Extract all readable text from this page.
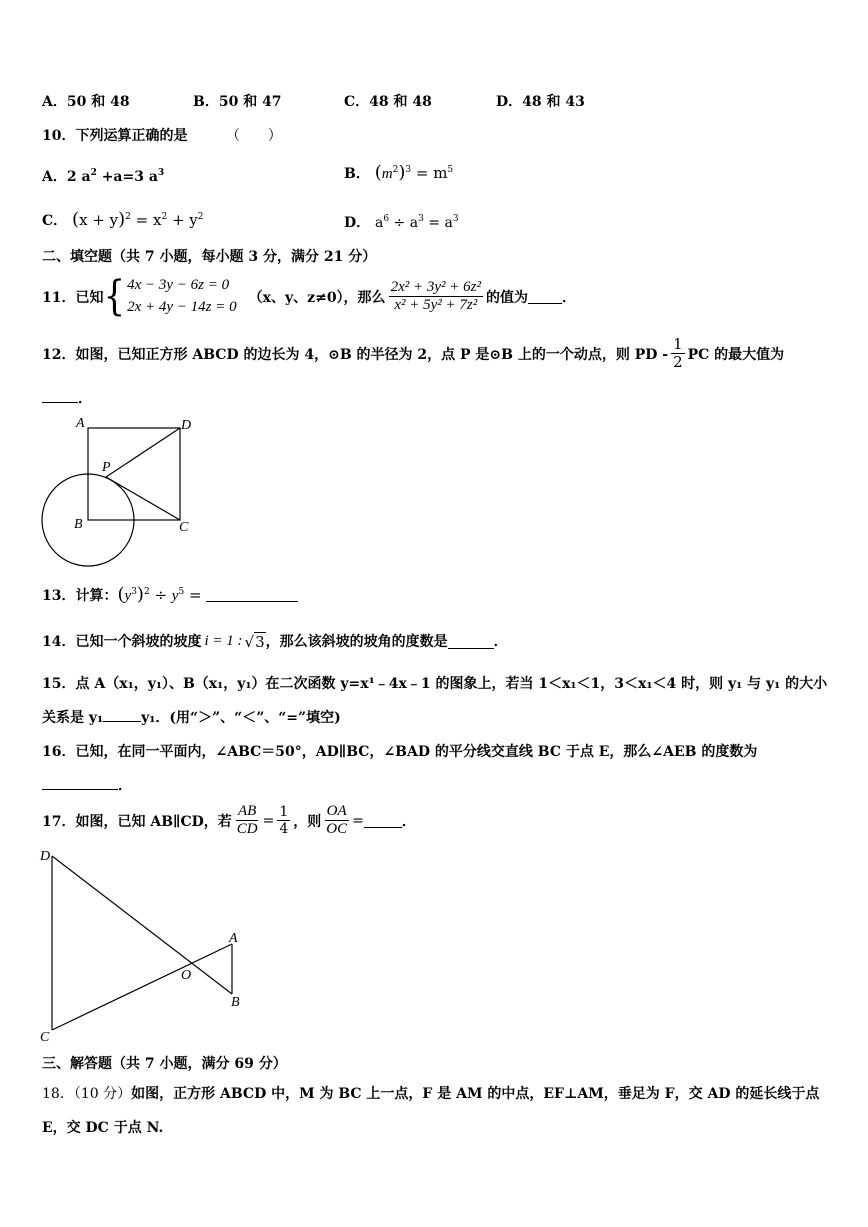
A．50 和 48	B．50 和 47	C．48 和 48	D．48 和 43
10．下列运算正确的是	（　　）
A．2 $a^2 +a=3$ $a^3$	B． $(m^2)^3 = m^5$
C． $(x + y)^2 = x^2 + y^2$	D． $a^6 \div a^3 = a^3$
二、填空题（共 7 小题，每小题 3 分，满分 21 分）
11．已知 { 4x − 3y − 6z = 0
2x + 4y − 14z = 0
（x、y、z≠0），那么 $\frac{\text{2x² + 3y² + 6z²}}{\text{x² + 5y² + 7z²}}$ 的值为 ．
12．如图，已知正方形 ABCD 的边长为 4，⊙B 的半径为 2，点 P 是⊙B 上的一个动点，则 PD - $\frac{1}{2}$ PC 的最大值为
．
A	D
B	C
P
13．计算： $(y^3)^2 \div y^5$ =
14．已知一个斜坡的坡度 i = 1 : √3 ，那么该斜坡的坡角的度数是	．
15．点 A（x₁，y₁）、B（x₁，y₁）在二次函数 y=x¹﹣4x﹣1 的图象上，若当 1＜x₁＜1，3＜x₁＜4 时，则 y₁ 与 y₁ 的大小
关系是 y₁	y₁．(用“＞”、“＜”、“=”填空)
16．已知，在同一平面内，∠ABC＝50°，AD∥BC，∠BAD 的平分线交直线 BC 于点 E，那么∠AEB 的度数为
．
17．如图，已知 AB∥CD，若 $\frac{AB}{CD} = \frac{1}{4}$ ，则 $\frac{OA}{OC}$ =	．
D
C
A
B
O
三、解答题（共 7 小题，满分 69 分）
18．（10 分）如图，正方形 ABCD 中，M 为 BC 上一点，F 是 AM 的中点，EF⊥AM，垂足为 F，交 AD 的延长线于点
E，交 DC 于点 N.
